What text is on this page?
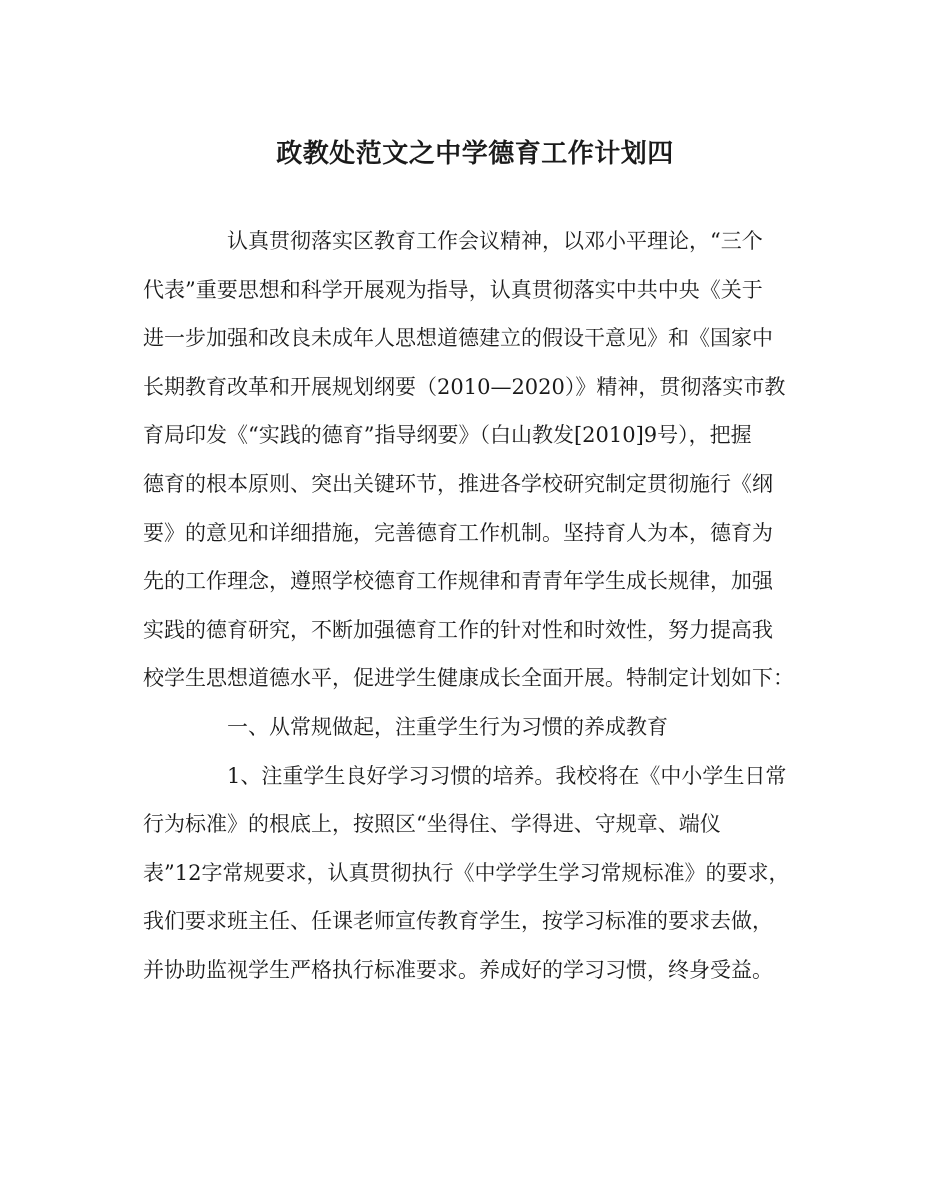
政教处范文之中学德育工作计划四
认真贯彻落实区教育工作会议精神，以邓小平理论，“三个
代表”重要思想和科学开展观为指导，认真贯彻落实中共中央《关于
进一步加强和改良未成年人思想道德建立的假设干意见》和《国家中
长期教育改革和开展规划纲要（2010—2020）》精神，贯彻落实市教
育局印发《“实践的德育”指导纲要》（白山教发[2010]9号），把握
德育的根本原则、突出关键环节，推进各学校研究制定贯彻施行《纲
要》的意见和详细措施，完善德育工作机制。坚持育人为本，德育为
先的工作理念，遵照学校德育工作规律和青青年学生成长规律，加强
实践的德育研究，不断加强德育工作的针对性和时效性，努力提高我
校学生思想道德水平，促进学生健康成长全面开展。特制定计划如下：
一、从常规做起，注重学生行为习惯的养成教育
1、注重学生良好学习习惯的培养。我校将在《中小学生日常
行为标准》的根底上，按照区“坐得住、学得进、守规章、端仪
表”12字常规要求，认真贯彻执行《中学学生学习常规标准》的要求，
我们要求班主任、任课老师宣传教育学生，按学习标准的要求去做，
并协助监视学生严格执行标准要求。养成好的学习习惯，终身受益。
